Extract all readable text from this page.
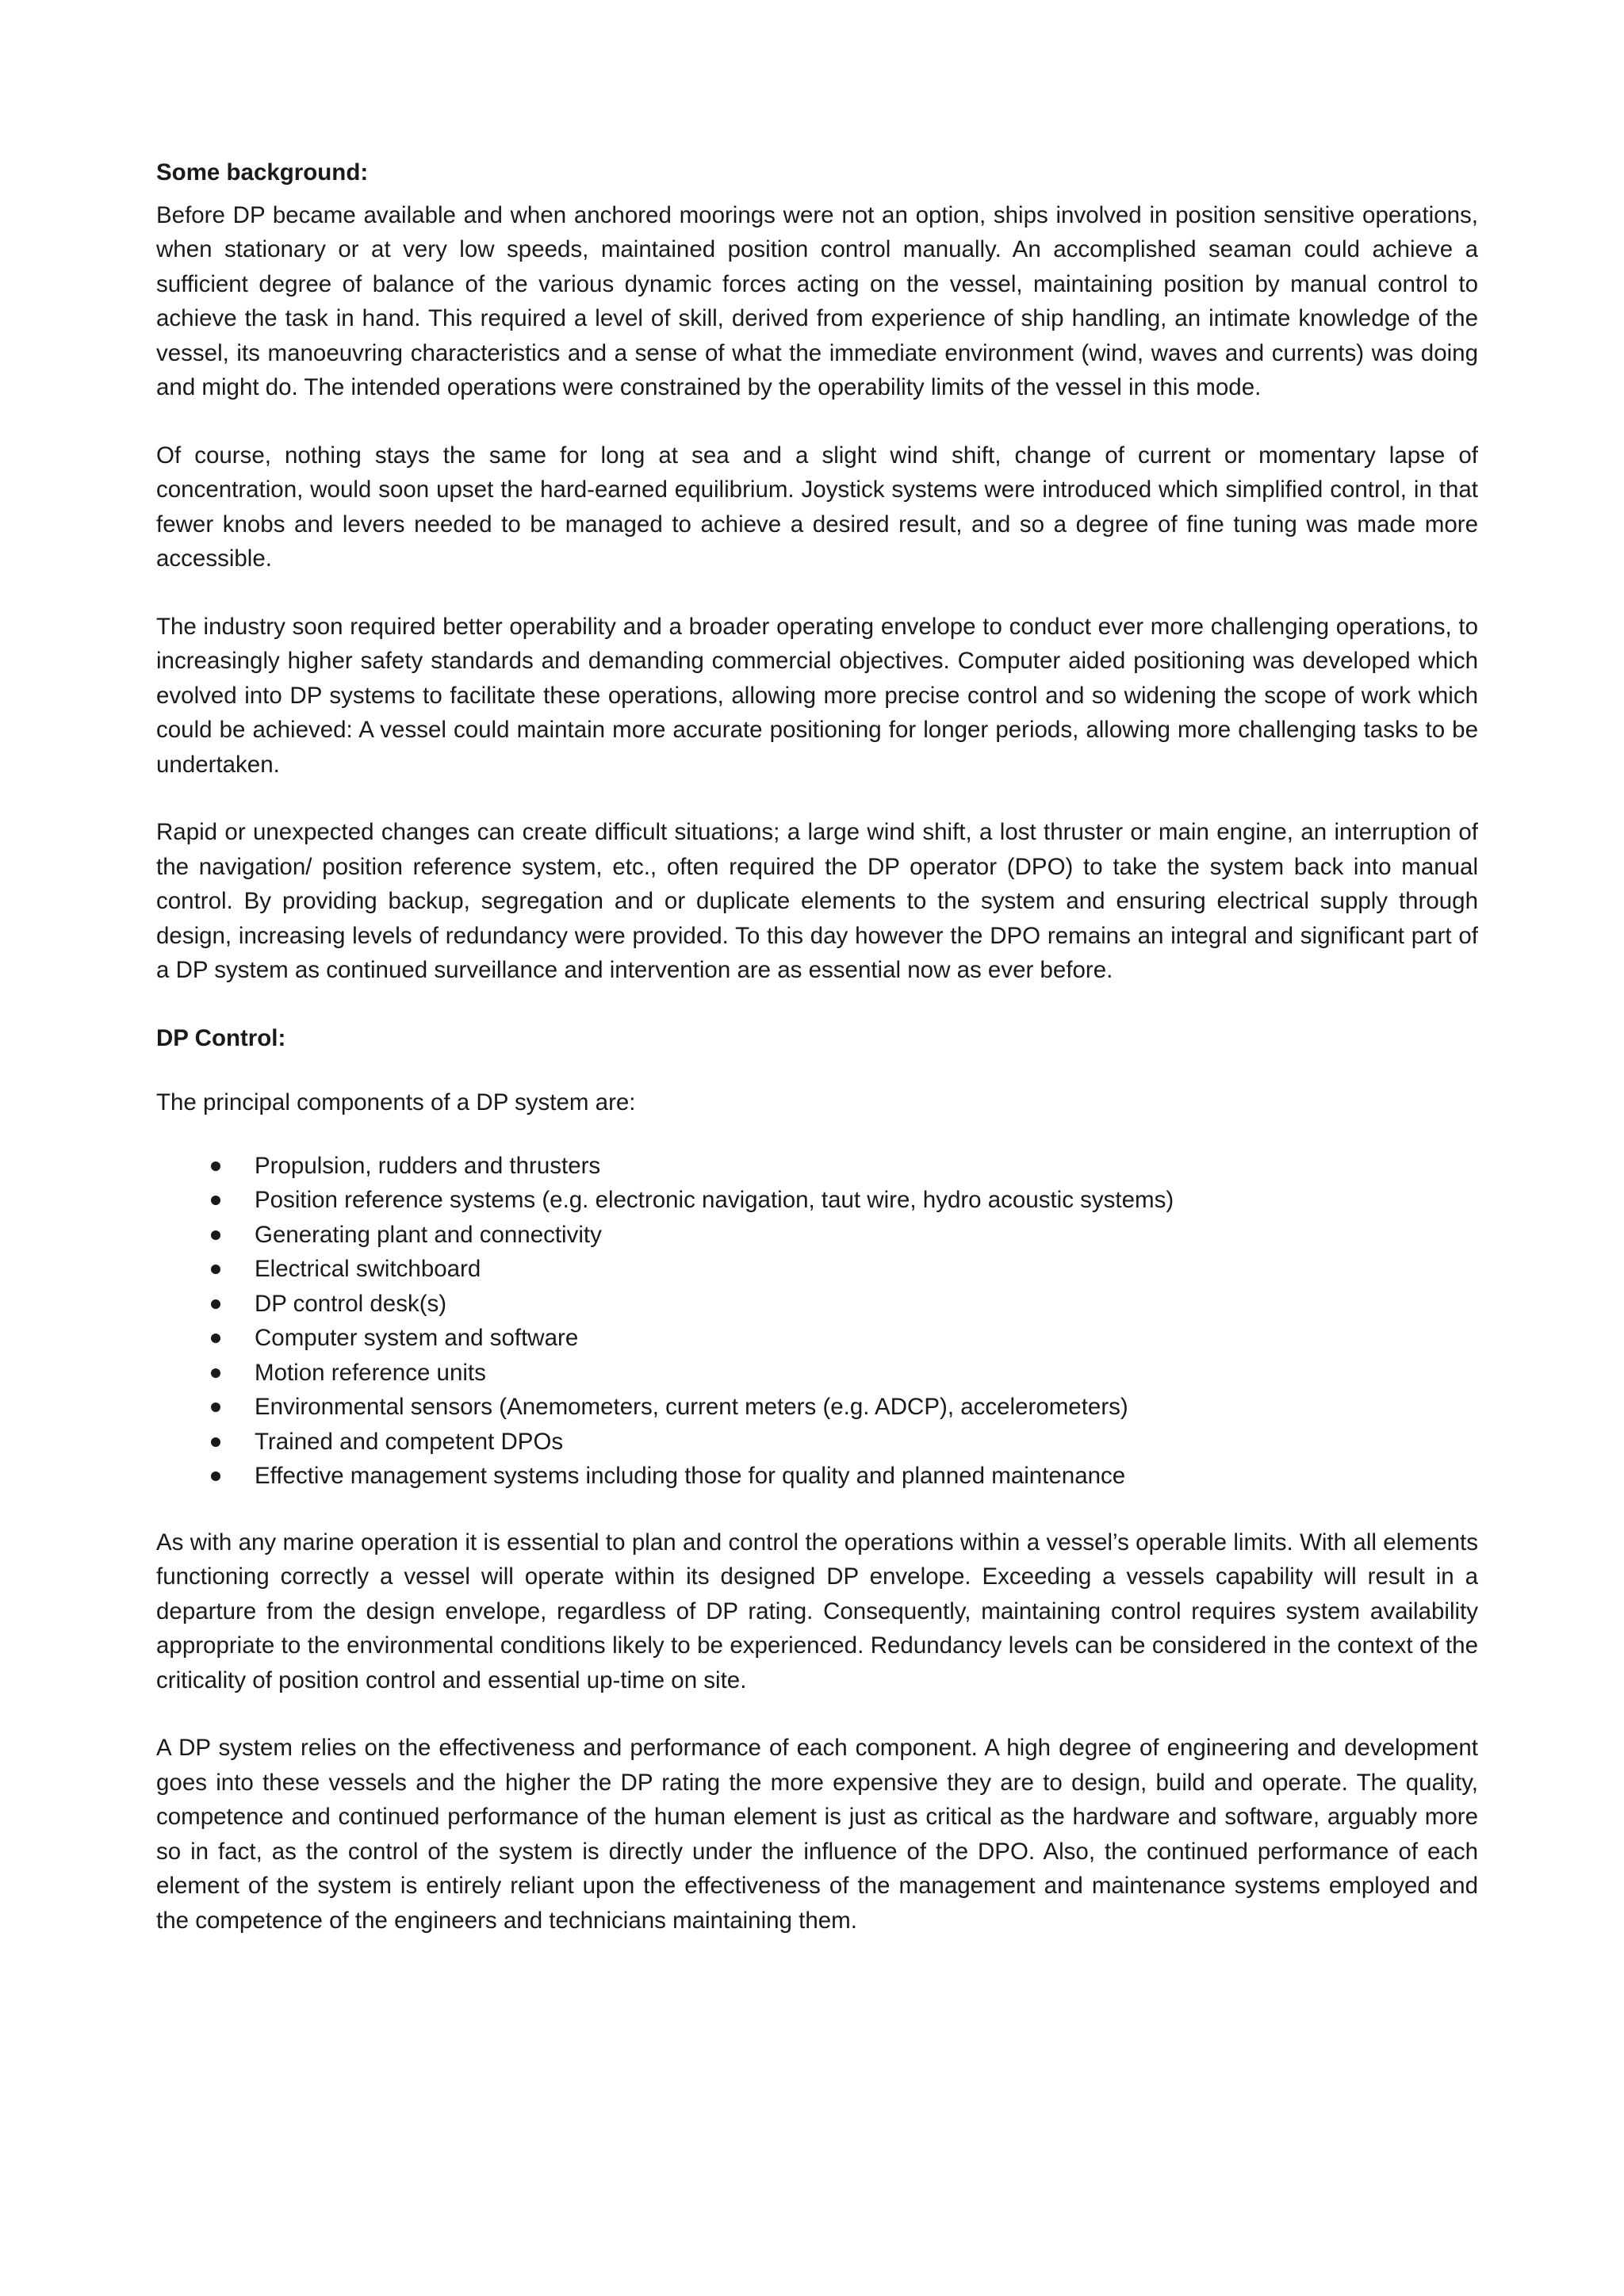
Some background:

Before DP became available and when anchored moorings were not an option, ships involved in position sensitive operations, when stationary or at very low speeds, maintained position control manually. An accomplished seaman could achieve a sufficient degree of balance of the various dynamic forces acting on the vessel, maintaining position by manual control to achieve the task in hand. This required a level of skill, derived from experience of ship handling, an intimate knowledge of the vessel, its manoeuvring characteristics and a sense of what the immediate environment (wind, waves and currents) was doing and might do. The intended operations were constrained by the operability limits of the vessel in this mode.

Of course, nothing stays the same for long at sea and a slight wind shift, change of current or momentary lapse of concentration, would soon upset the hard-earned equilibrium. Joystick systems were introduced which simplified control, in that fewer knobs and levers needed to be managed to achieve a desired result, and so a degree of fine tuning was made more accessible.

The industry soon required better operability and a broader operating envelope to conduct ever more challenging operations, to increasingly higher safety standards and demanding commercial objectives. Computer aided positioning was developed which evolved into DP systems to facilitate these operations, allowing more precise control and so widening the scope of work which could be achieved: A vessel could maintain more accurate positioning for longer periods, allowing more challenging tasks to be undertaken.

Rapid or unexpected changes can create difficult situations; a large wind shift, a lost thruster or main engine, an interruption of the navigation/ position reference system, etc., often required the DP operator (DPO) to take the system back into manual control. By providing backup, segregation and or duplicate elements to the system and ensuring electrical supply through design, increasing levels of redundancy were provided. To this day however the DPO remains an integral and significant part of a DP system as continued surveillance and intervention are as essential now as ever before.

DP Control:

The principal components of a DP system are:

Propulsion, rudders and thrusters
Position reference systems (e.g. electronic navigation, taut wire, hydro acoustic systems)
Generating plant and connectivity
Electrical switchboard
DP control desk(s)
Computer system and software
Motion reference units
Environmental sensors (Anemometers, current meters (e.g. ADCP), accelerometers)
Trained and competent DPOs
Effective management systems including those for quality and planned maintenance

As with any marine operation it is essential to plan and control the operations within a vessel’s operable limits. With all elements functioning correctly a vessel will operate within its designed DP envelope. Exceeding a vessels capability will result in a departure from the design envelope, regardless of DP rating. Consequently, maintaining control requires system availability appropriate to the environmental conditions likely to be experienced. Redundancy levels can be considered in the context of the criticality of position control and essential up-time on site.

A DP system relies on the effectiveness and performance of each component. A high degree of engineering and development goes into these vessels and the higher the DP rating the more expensive they are to design, build and operate. The quality, competence and continued performance of the human element is just as critical as the hardware and software, arguably more so in fact, as the control of the system is directly under the influence of the DPO. Also, the continued performance of each element of the system is entirely reliant upon the effectiveness of the management and maintenance systems employed and the competence of the engineers and technicians maintaining them.
